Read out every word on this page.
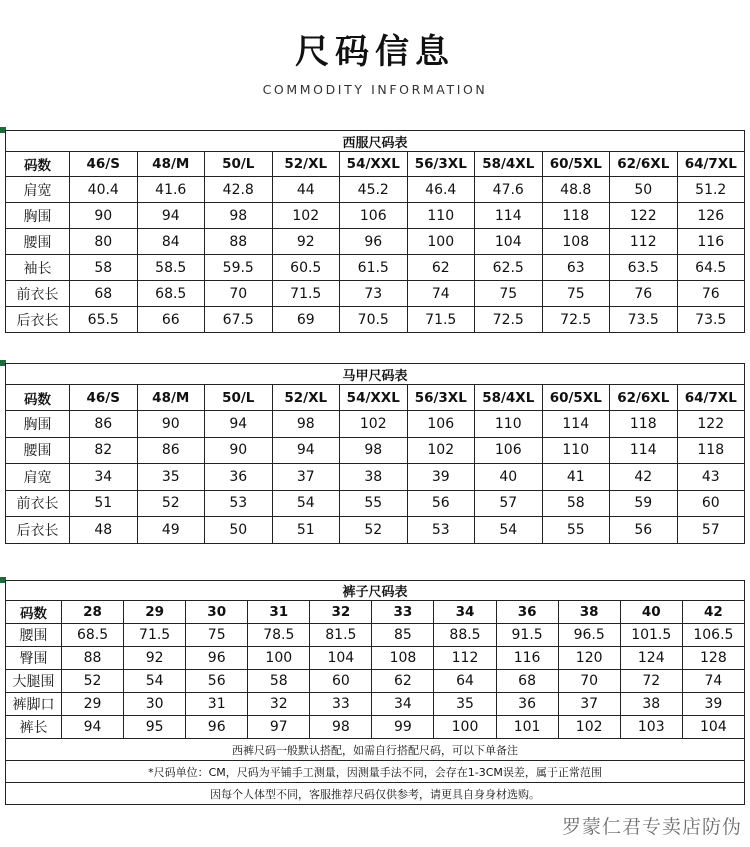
尺码信息
COMMODITY INFORMATION
西服尺码表										
码数	46/S	48/M	50/L	52/XL	54/XXL	56/3XL	58/4XL	60/5XL	62/6XL	64/7XL
肩宽	40.4	41.6	42.8	44	45.2	46.4	47.6	48.8	50	51.2
胸围	90	94	98	102	106	110	114	118	122	126
腰围	80	84	88	92	96	100	104	108	112	116
袖长	58	58.5	59.5	60.5	61.5	62	62.5	63	63.5	64.5
前衣长	68	68.5	70	71.5	73	74	75	75	76	76
后衣长	65.5	66	67.5	69	70.5	71.5	72.5	72.5	73.5	73.5
马甲尺码表										
码数	46/S	48/M	50/L	52/XL	54/XXL	56/3XL	58/4XL	60/5XL	62/6XL	64/7XL
胸围	86	90	94	98	102	106	110	114	118	122
腰围	82	86	90	94	98	102	106	110	114	118
肩宽	34	35	36	37	38	39	40	41	42	43
前衣长	51	52	53	54	55	56	57	58	59	60
后衣长	48	49	50	51	52	53	54	55	56	57
裤子尺码表											
码数	28	29	30	31	32	33	34	36	38	40	42
腰围	68.5	71.5	75	78.5	81.5	85	88.5	91.5	96.5	101.5	106.5
臀围	88	92	96	100	104	108	112	116	120	124	128
大腿围	52	54	56	58	60	62	64	68	70	72	74
裤脚口	29	30	31	32	33	34	35	36	37	38	39
裤长	94	95	96	97	98	99	100	101	102	103	104
西裤尺码一般默认搭配，如需自行搭配尺码，可以下单备注											
*尺码单位：CM，尺码为平铺手工测量，因测量手法不同，会存在1-3CM误差，属于正常范围											
因每个人体型不同，客服推荐尺码仅供参考，请更具自身身材选购。											
罗蒙仁君专卖店防伪
